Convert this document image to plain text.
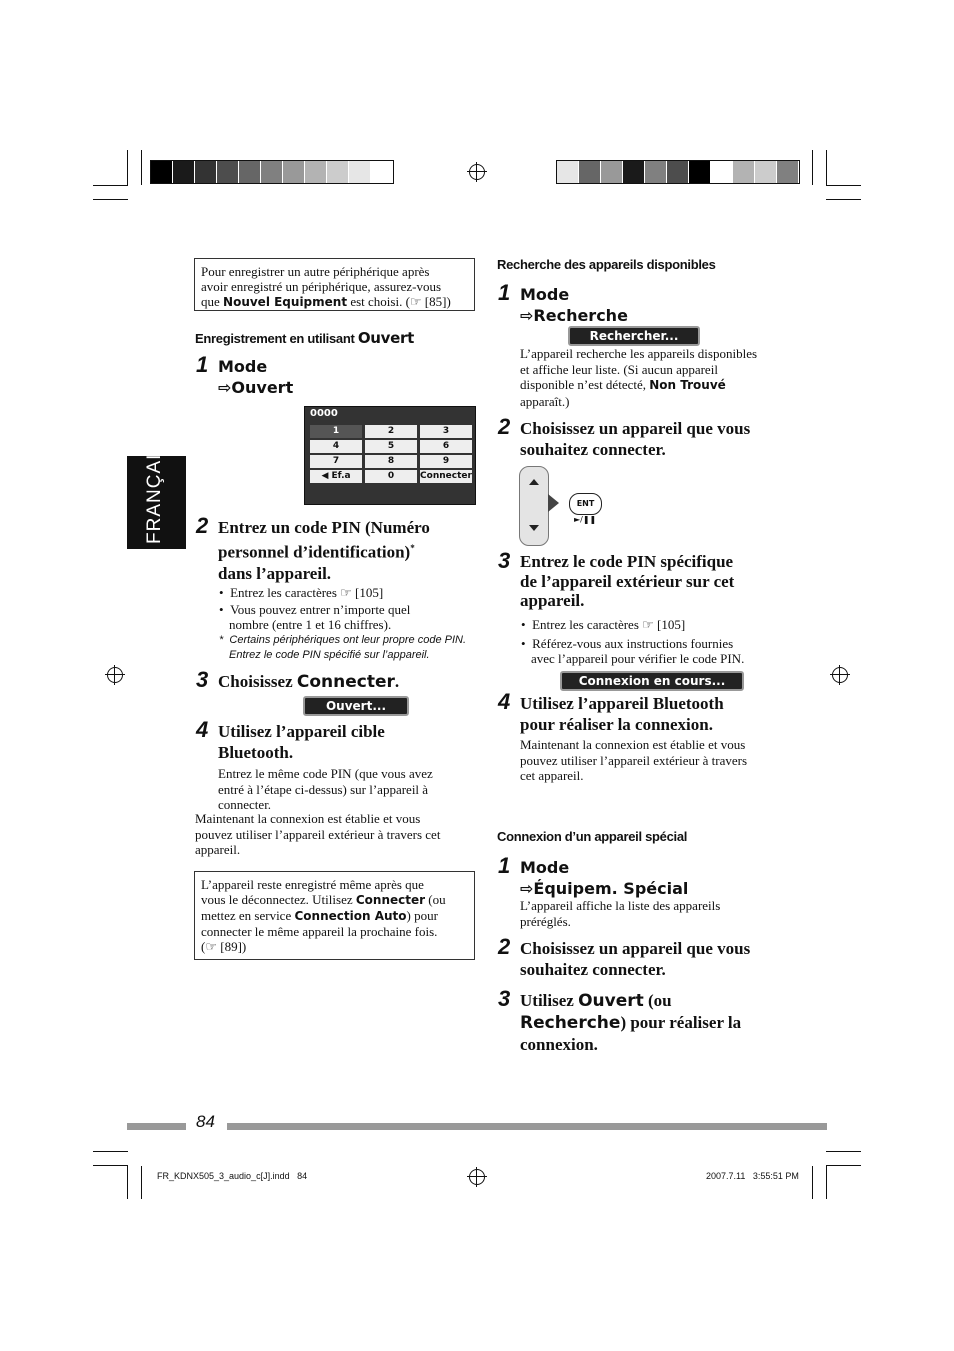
FRANÇAIS
Pour enregistrer un autre périphérique après
avoir enregistré un périphérique, assurez-vous
que Nouvel Equipment est choisi. (☞ [85])
Enregistrement en utilisant Ouvert
1 Mode
⇨Ouvert
0000
1	2	3
4	5	6
7	8	9
◀ Ef.a	0	Connecter
2 Entrez un code PIN (Numéro
personnel d’identification)*
dans l’appareil.
•  Entrez les caractères ☞ [105]
•  Vous pouvez entrer n’importe quel
nombre (entre 1 et 16 chiffres).
*  Certains périphériques ont leur propre code PIN.
Entrez le code PIN spécifié sur l’appareil.
3 Choisissez Connecter.
Ouvert...
4 Utilisez l’appareil cible
Bluetooth.
Entrez le même code PIN (que vous avez
entré à l’étape ci-dessus) sur l’appareil à
connecter.
Maintenant la connexion est établie et vous
pouvez utiliser l’appareil extérieur à travers cet
appareil.
L’appareil reste enregistré même après que
vous le déconnectez. Utilisez Connecter (ou
mettez en service Connection Auto) pour
connecter le même appareil la prochaine fois.
(☞ [89])
Recherche des appareils disponibles
1 Mode
⇨Recherche
Rechercher...
L’appareil recherche les appareils disponibles
et affiche leur liste. (Si aucun appareil
disponible n’est détecté, Non Trouvé
apparaît.)
2 Choisissez un appareil que vous
souhaitez connecter.
ENT
►/❚❚
3 Entrez le code PIN spécifique
de l’appareil extérieur sur cet
appareil.
•  Entrez les caractères ☞ [105]
•  Référez-vous aux instructions fournies
avec l’appareil pour vérifier le code PIN.
Connexion en cours...
4 Utilisez l’appareil Bluetooth
pour réaliser la connexion.
Maintenant la connexion est établie et vous
pouvez utiliser l’appareil extérieur à travers
cet appareil.
Connexion d’un appareil spécial
1 Mode
⇨Équipem. Spécial
L’appareil affiche la liste des appareils
préréglés.
2 Choisissez un appareil que vous
souhaitez connecter.
3 Utilisez Ouvert (ou
Recherche) pour réaliser la
connexion.
84
FR_KDNX505_3_audio_c[J].indd   84	2007.7.11   3:55:51 PM
